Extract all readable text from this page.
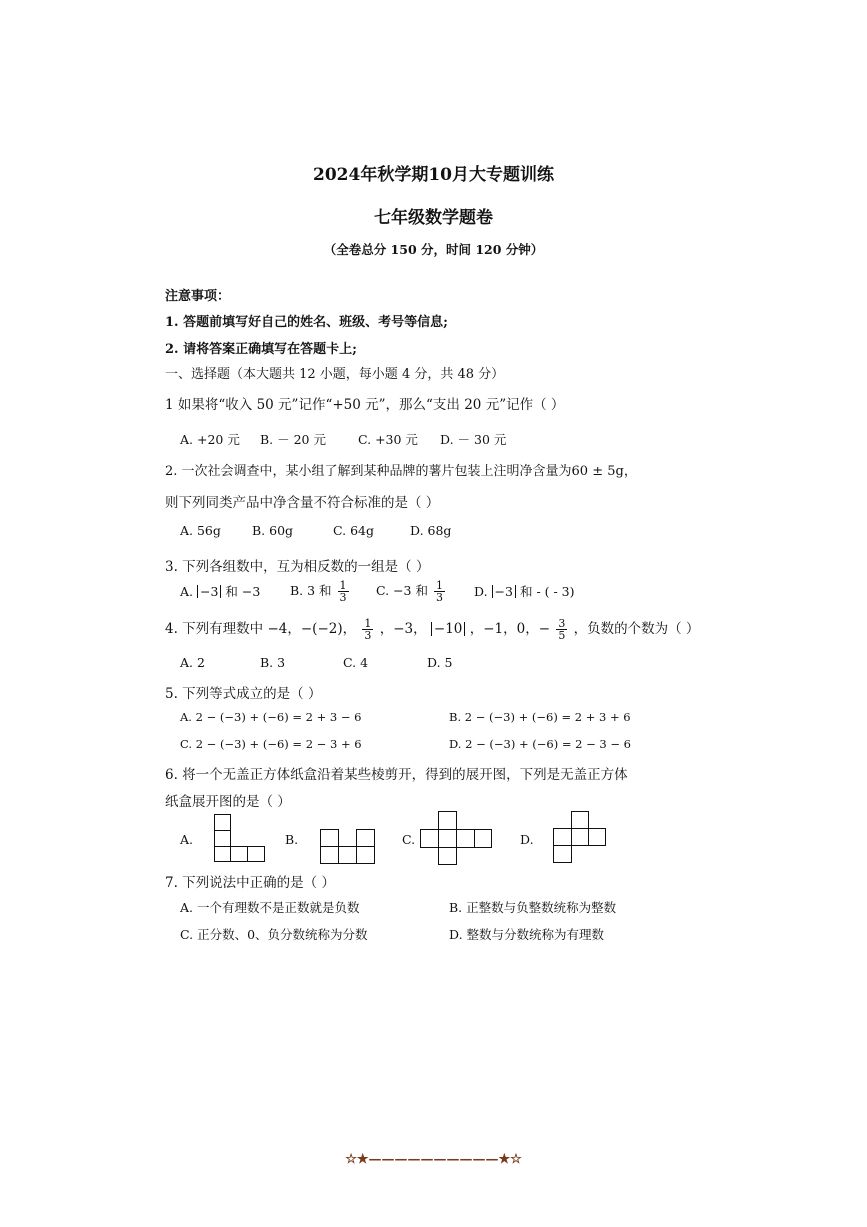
2024年秋学期10月大专题训练
七年级数学题卷
（全卷总分 150 分，时间 120 分钟）
注意事项：
1. 答题前填写好自己的姓名、班级、考号等信息;
2. 请将答案正确填写在答题卡上;
一、选择题（本大题共 12 小题，每小题 4 分，共 48 分）
1 如果将“收入 50 元”记作“+50 元”，那么“支出 20 元”记作（ ）
A. +20 元 B. － 20 元	C. +30 元 D. － 30 元
2. 一次社会调查中，某小组了解到某种品牌的薯片包装上注明净含量为60 ± 5g，
则下列同类产品中净含量不符合标准的是（ ）
A. 56g B. 60g	C. 64g	D. 68g
3. 下列各组数中，互为相反数的一组是（ ）
A. −3 和 −3 B. 3 和 $\frac{1}{3} C$. −3 和 $\frac{1}{3} D$. −3 和 - ( - 3)
4. 下列有理数中 −4，−(−2)， $\frac{1}{3}$ ，−3， −10 ，−1，0，− $\frac{3}{5}$ ，负数的个数为（ ）
A. 2	B. 3	C. 4	D. 5
5. 下列等式成立的是（ ）
A. 2 − (−3) + (−6) = 2 + 3 − 6	B. 2 − (−3) + (−6) = 2 + 3 + 6
C. 2 − (−3) + (−6) = 2 − 3 + 6	D. 2 − (−3) + (−6) = 2 − 3 − 6
6. 将一个无盖正方体纸盒沿着某些棱剪开，得到的展开图，下列是无盖正方体
纸盒展开图的是（ ）
A.	B.	C.	D.
7. 下列说法中正确的是（ ）
A. 一个有理数不是正数就是负数	B. 正整数与负整数统称为整数
C. 正分数、0、负分数统称为分数	D. 整数与分数统称为有理数
☆★——————————★☆
